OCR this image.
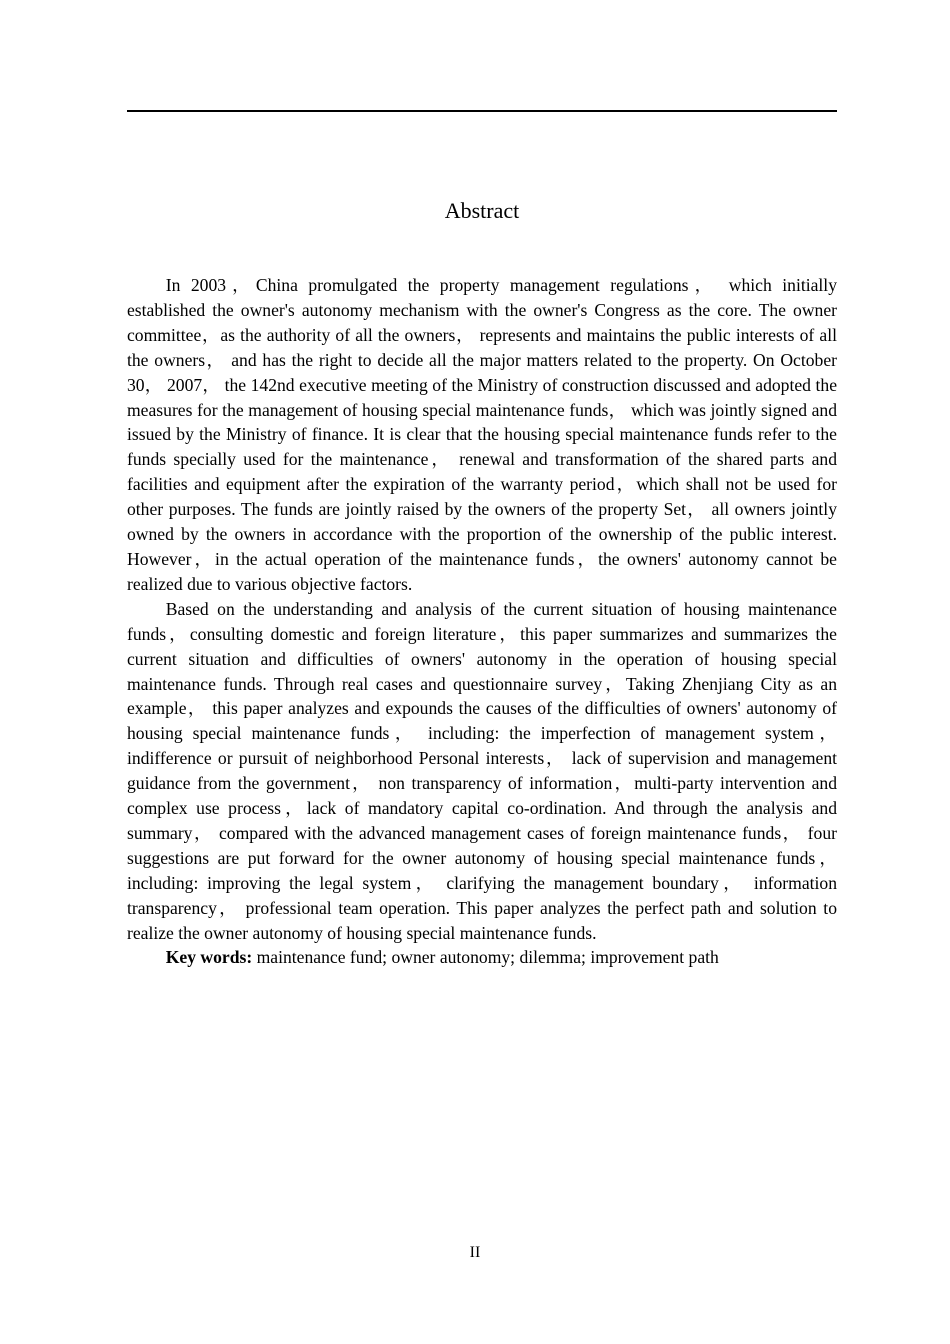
Abstract

In 2003，China promulgated the property management regulations， which initially established the owner's autonomy mechanism with the owner's Congress as the core. The owner committee，as the authority of all the owners， represents and maintains the public interests of all the owners， and has the right to decide all the major matters related to the property. On October 30， 2007， the 142nd executive meeting of the Ministry of construction discussed and adopted the measures for the management of housing special maintenance funds， which was jointly signed and issued by the Ministry of finance. It is clear that the housing special maintenance funds refer to the funds specially used for the maintenance， renewal and transformation of the shared parts and facilities and equipment after the expiration of the warranty period，which shall not be used for other purposes. The funds are jointly raised by the owners of the property Set， all owners jointly owned by the owners in accordance with the proportion of the ownership of the public interest. However，in the actual operation of the maintenance funds，the owners' autonomy cannot be realized due to various objective factors.

Based on the understanding and analysis of the current situation of housing maintenance funds，consulting domestic and foreign literature，this paper summarizes and summarizes the current situation and difficulties of owners' autonomy in the operation of housing special maintenance funds. Through real cases and questionnaire survey，Taking Zhenjiang City as an example， this paper analyzes and expounds the causes of the difficulties of owners' autonomy of housing special maintenance funds， including: the imperfection of management system， indifference or pursuit of neighborhood Personal interests， lack of supervision and management guidance from the government， non transparency of information，multi-party intervention and complex use process，lack of mandatory capital co-ordination. And through the analysis and summary， compared with the advanced management cases of foreign maintenance funds， four suggestions are put forward for the owner autonomy of housing special maintenance funds， including: improving the legal system， clarifying the management boundary， information transparency， professional team operation. This paper analyzes the perfect path and solution to realize the owner autonomy of housing special maintenance funds.

Key words: maintenance fund; owner autonomy; dilemma; improvement path

II
